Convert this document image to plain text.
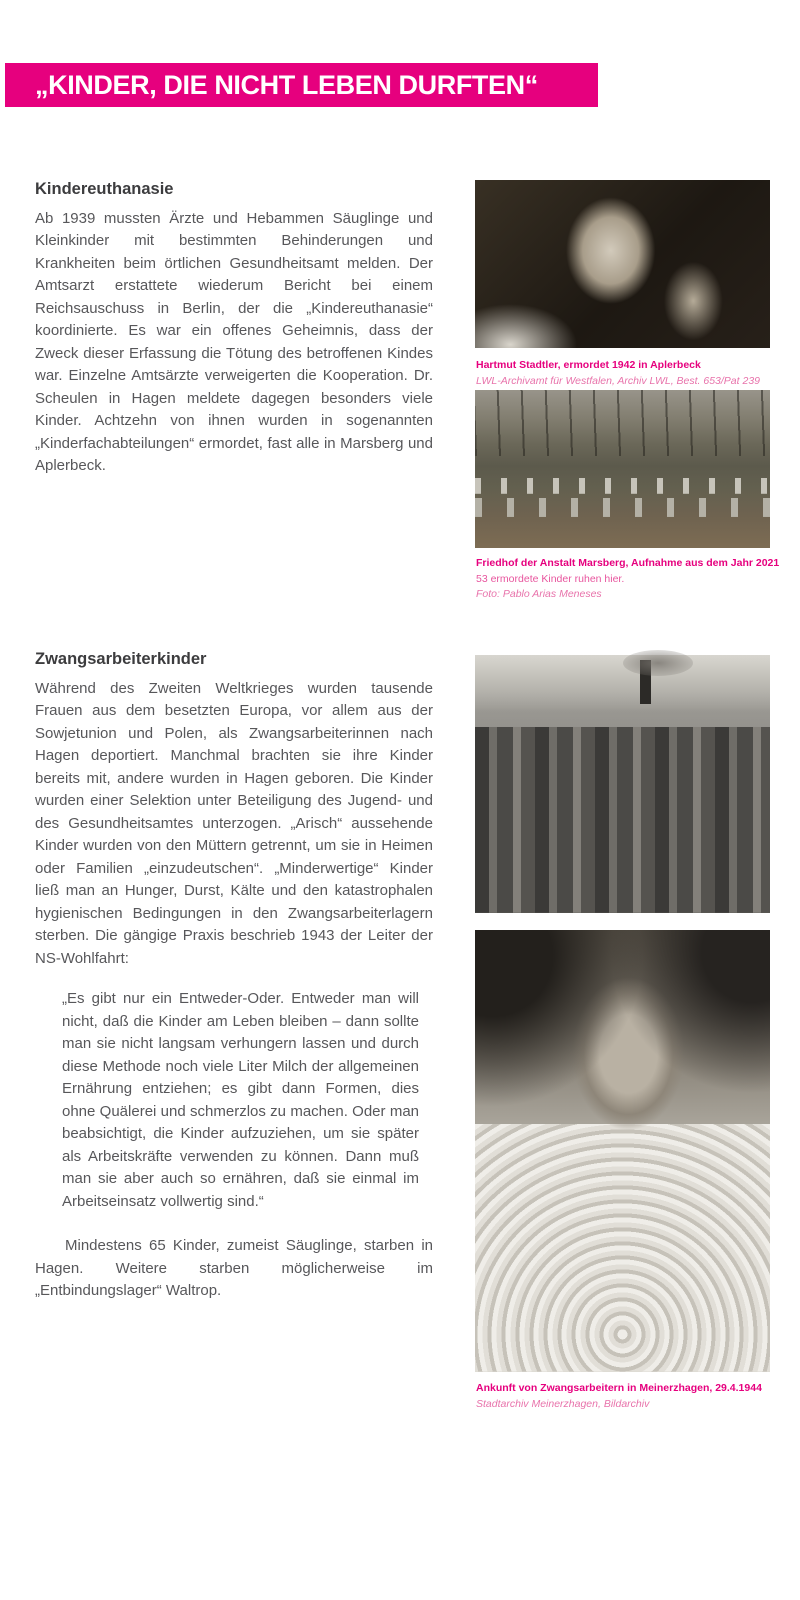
„KINDER, DIE NICHT LEBEN DURFTEN“
Kindereuthanasie

Ab 1939 mussten Ärzte und Hebammen Säuglinge und Kleinkinder mit bestimmten Behinderungen und Krankheiten beim örtlichen Gesundheitsamt melden. Der Amtsarzt erstattete wiederum Bericht bei einem Reichsauschuss in Berlin, der die „Kindereuthanasie“ koordinierte. Es war ein offenes Geheimnis, dass der Zweck dieser Erfassung die Tötung des betroffenen Kindes war. Einzelne Amtsärzte verweigerten die Kooperation. Dr. Scheulen in Hagen meldete dagegen besonders viele Kinder. Achtzehn von ihnen wurden in sogenannten „Kinderfachabteilungen“ ermordet, fast alle in Marsberg und Aplerbeck.

Zwangsarbeiterkinder

Während des Zweiten Weltkrieges wurden tausende Frauen aus dem besetzten Europa, vor allem aus der Sowjetunion und Polen, als Zwangsarbeiterinnen nach Hagen deportiert. Manchmal brachten sie ihre Kinder bereits mit, andere wurden in Hagen geboren. Die Kinder wurden einer Selektion unter Beteiligung des Jugend- und des Gesundheitsamtes unterzogen. „Arisch“ aussehende Kinder wurden von den Müttern getrennt, um sie in Heimen oder Familien „einzudeutschen“. „Minderwertige“ Kinder ließ man an Hunger, Durst, Kälte und den katastrophalen hygienischen Bedingungen in den Zwangsarbeiterlagern sterben. Die gängige Praxis beschrieb 1943 der Leiter der NS-Wohlfahrt:

„Es gibt nur ein Entweder-Oder. Entweder man will nicht, daß die Kinder am Leben bleiben – dann sollte man sie nicht langsam verhungern lassen und durch diese Methode noch viele Liter Milch der allgemeinen Ernährung entziehen; es gibt dann Formen, dies ohne Quälerei und schmerzlos zu machen. Oder man beabsichtigt, die Kinder aufzuziehen, um sie später als Arbeitskräfte verwenden zu können. Dann muß man sie aber auch so ernähren, daß sie einmal im Arbeitseinsatz vollwertig sind.“

Mindestens 65 Kinder, zumeist Säuglinge, starben in Hagen. Weitere starben möglicherweise im „Entbindungslager“ Waltrop.

Hartmut Stadtler, ermordet 1942 in Aplerbeck
LWL-Archivamt für Westfalen, Archiv LWL, Best. 653/Pat 239
Friedhof der Anstalt Marsberg, Aufnahme aus dem Jahr 2021
53 ermordete Kinder ruhen hier.
Foto: Pablo Arias Meneses
Ankunft von Zwangsarbeitern in Meinerzhagen, 29.4.1944
Stadtarchiv Meinerzhagen, Bildarchiv
